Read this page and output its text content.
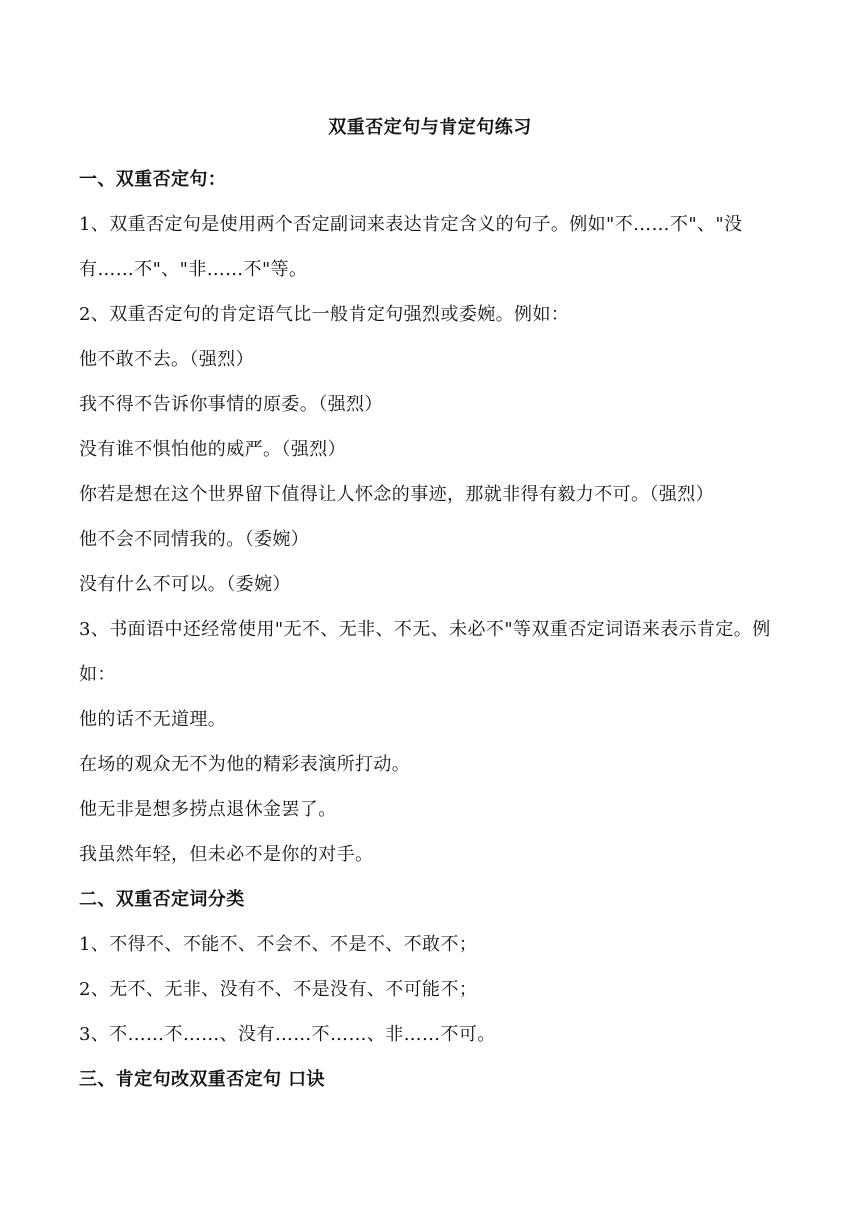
双重否定句与肯定句练习
一、双重否定句：
1、双重否定句是使用两个否定副词来表达肯定含义的句子。例如"不……不"、"没有……不"、"非……不"等。
2、双重否定句的肯定语气比一般肯定句强烈或委婉。例如：
他不敢不去。（强烈）
我不得不告诉你事情的原委。（强烈）
没有谁不惧怕他的威严。（强烈）
你若是想在这个世界留下值得让人怀念的事迹，那就非得有毅力不可。（强烈）
他不会不同情我的。（委婉）
没有什么不可以。（委婉）
3、书面语中还经常使用"无不、无非、不无、未必不"等双重否定词语来表示肯定。例如：
他的话不无道理。
在场的观众无不为他的精彩表演所打动。
他无非是想多捞点退休金罢了。
我虽然年轻，但未必不是你的对手。
二、双重否定词分类
1、不得不、不能不、不会不、不是不、不敢不；
2、无不、无非、没有不、不是没有、不可能不；
3、不……不……、没有……不……、非……不可。
三、肯定句改双重否定句 口诀
